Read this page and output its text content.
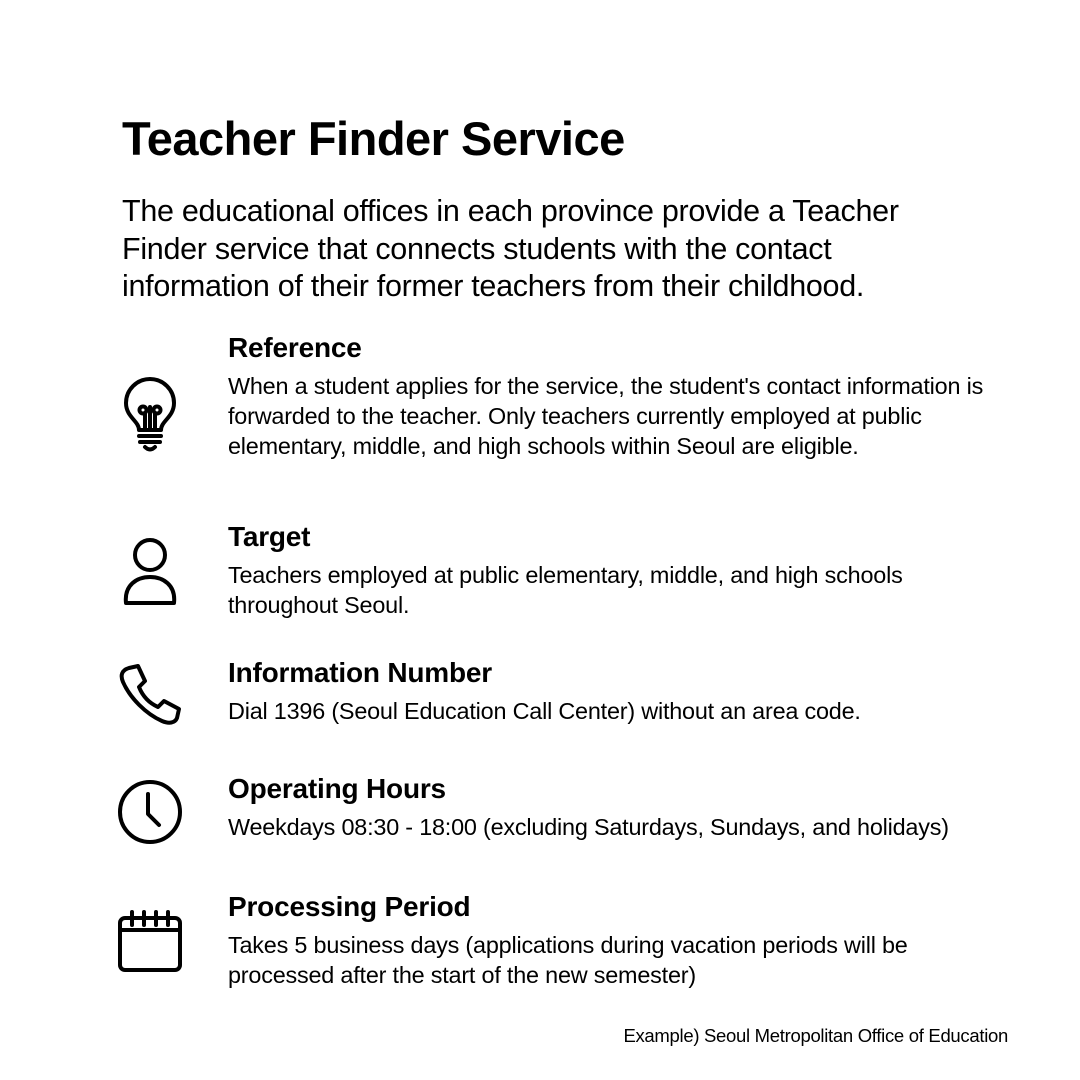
Teacher Finder Service

The educational offices in each province provide a Teacher Finder service that connects students with the contact information of their former teachers from their childhood.

Reference

When a student applies for the service, the student's contact information is forwarded to the teacher. Only teachers currently employed at public elementary, middle, and high schools within Seoul are eligible.

Target

Teachers employed at public elementary, middle, and high schools throughout Seoul.

Information Number

Dial 1396 (Seoul Education Call Center) without an area code.

Operating Hours

Weekdays 08:30 - 18:00 (excluding Saturdays, Sundays, and holidays)

Processing Period

Takes 5 business days (applications during vacation periods will be processed after the start of the new semester)

Example) Seoul Metropolitan Office of Education
